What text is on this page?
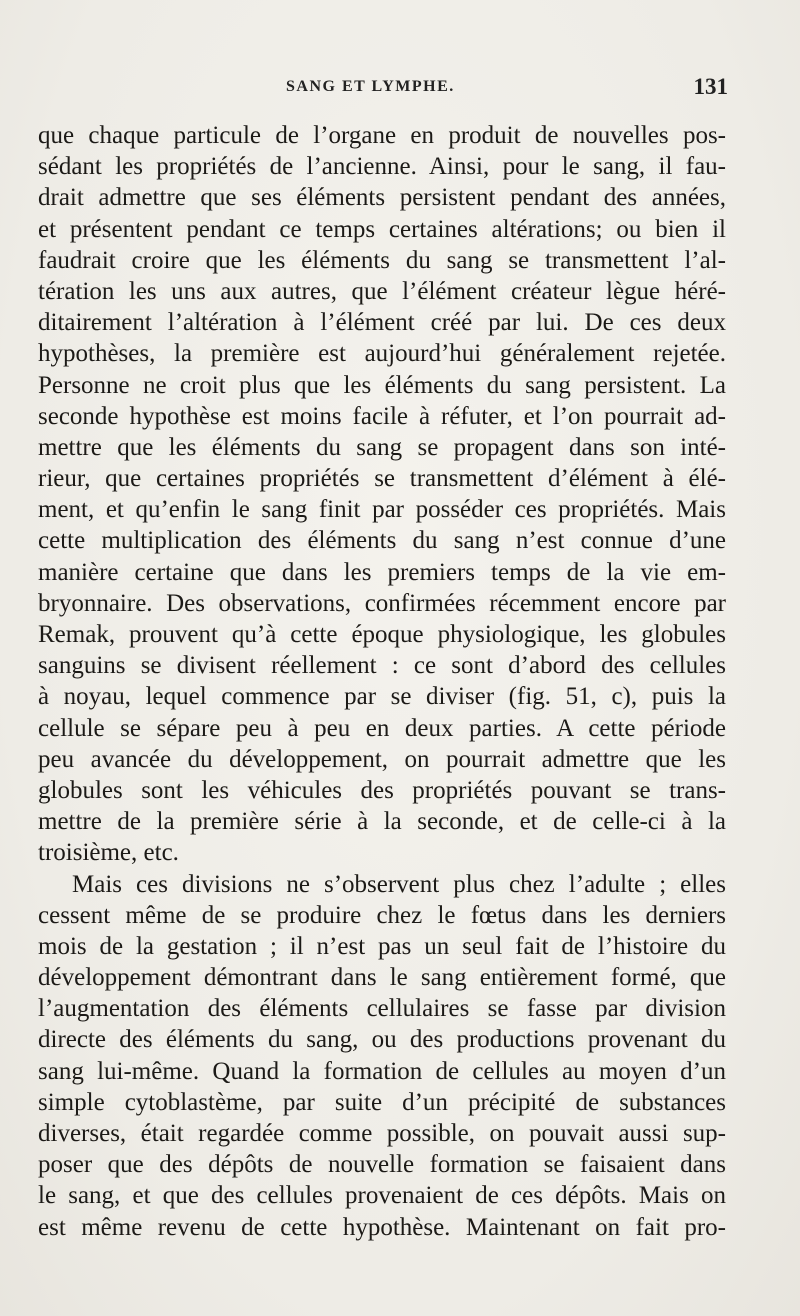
SANG ET LYMPHE.	131
que chaque particule de l’organe en produit de nouvelles pos-
sédant les propriétés de l’ancienne. Ainsi, pour le sang, il fau-
drait admettre que ses éléments persistent pendant des années,
et présentent pendant ce temps certaines altérations; ou bien il
faudrait croire que les éléments du sang se transmettent l’al-
tération les uns aux autres, que l’élément créateur lègue héré-
ditairement l’altération à l’élément créé par lui. De ces deux
hypothèses, la première est aujourd’hui généralement rejetée.
Personne ne croit plus que les éléments du sang persistent. La
seconde hypothèse est moins facile à réfuter, et l’on pourrait ad-
mettre que les éléments du sang se propagent dans son inté-
rieur, que certaines propriétés se transmettent d’élément à élé-
ment, et qu’enfin le sang finit par posséder ces propriétés. Mais
cette multiplication des éléments du sang n’est connue d’une
manière certaine que dans les premiers temps de la vie em-
bryonnaire. Des observations, confirmées récemment encore par
Remak, prouvent qu’à cette époque physiologique, les globules
sanguins se divisent réellement : ce sont d’abord des cellules
à noyau, lequel commence par se diviser (fig. 51, c), puis la
cellule se sépare peu à peu en deux parties. A cette période
peu avancée du développement, on pourrait admettre que les
globules sont les véhicules des propriétés pouvant se trans-
mettre de la première série à la seconde, et de celle-ci à la
troisième, etc.
Mais ces divisions ne s’observent plus chez l’adulte ; elles
cessent même de se produire chez le fœtus dans les derniers
mois de la gestation ; il n’est pas un seul fait de l’histoire du
développement démontrant dans le sang entièrement formé, que
l’augmentation des éléments cellulaires se fasse par division
directe des éléments du sang, ou des productions provenant du
sang lui-même. Quand la formation de cellules au moyen d’un
simple cytoblastème, par suite d’un précipité de substances
diverses, était regardée comme possible, on pouvait aussi sup-
poser que des dépôts de nouvelle formation se faisaient dans
le sang, et que des cellules provenaient de ces dépôts. Mais on
est même revenu de cette hypothèse. Maintenant on fait pro-
